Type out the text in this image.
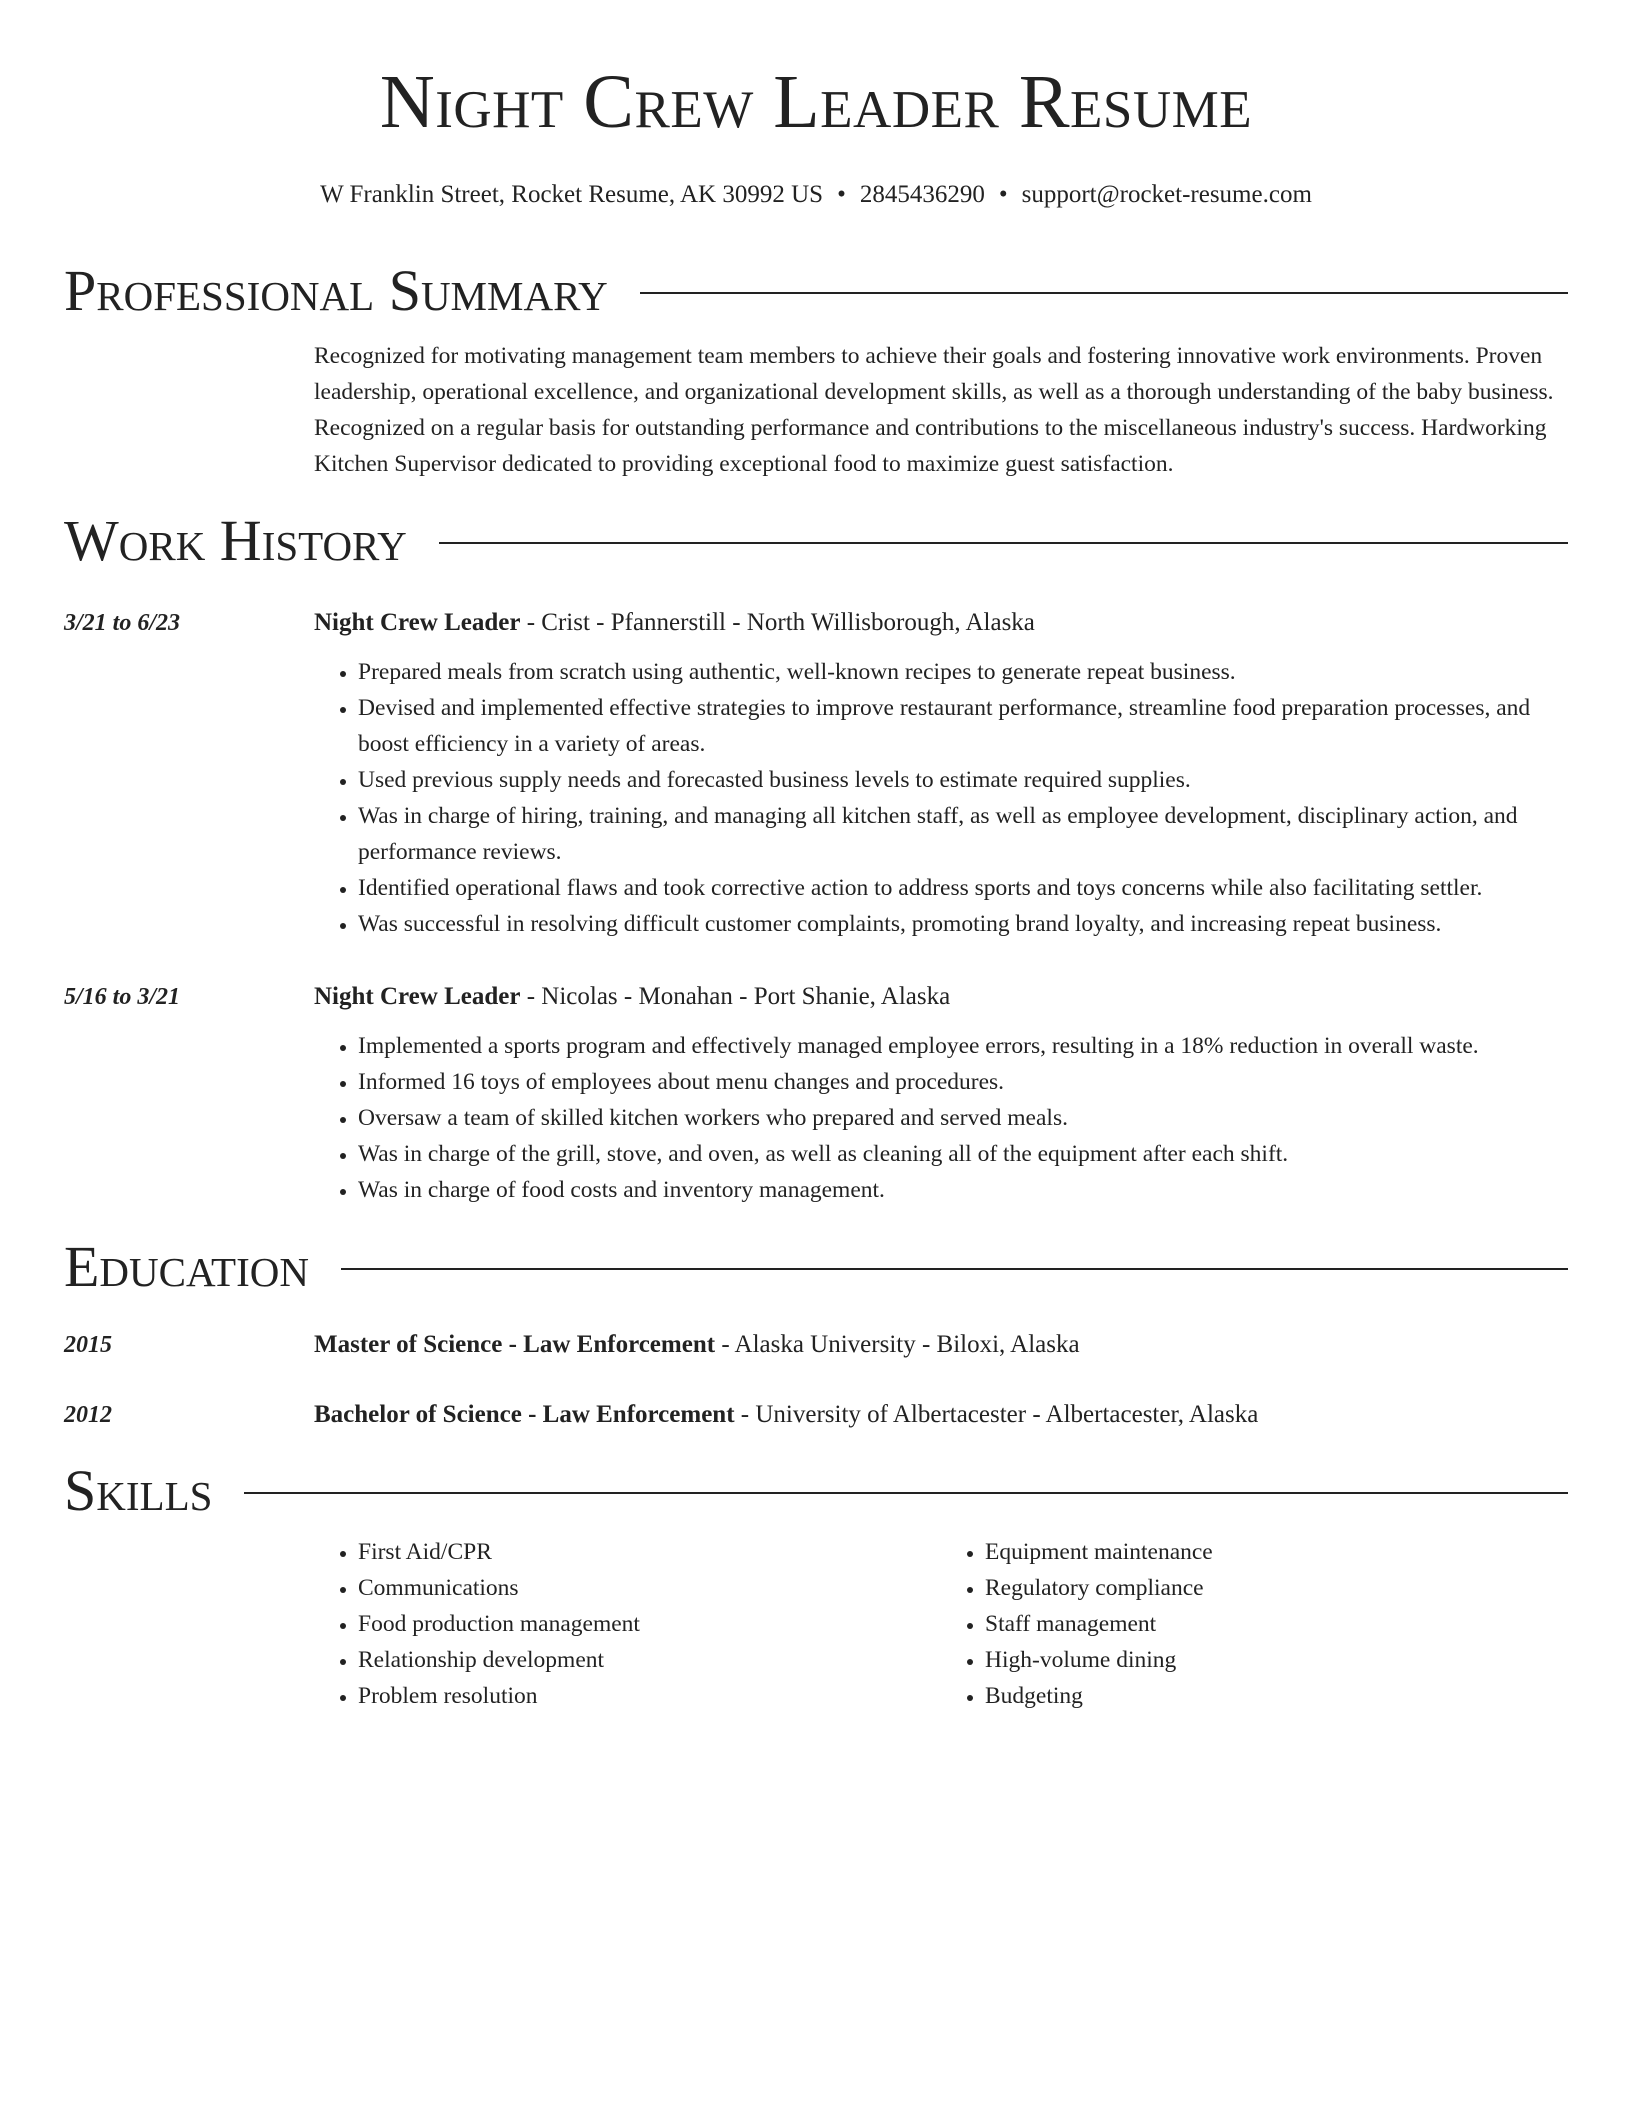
Night Crew Leader Resume
W Franklin Street, Rocket Resume, AK 30992 US • 2845436290 • support@rocket-resume.com
Professional Summary
Recognized for motivating management team members to achieve their goals and fostering innovative work environments. Proven leadership, operational excellence, and organizational development skills, as well as a thorough understanding of the baby business. Recognized on a regular basis for outstanding performance and contributions to the miscellaneous industry's success. Hardworking Kitchen Supervisor dedicated to providing exceptional food to maximize guest satisfaction.
Work History
3/21 to 6/23	Night Crew Leader - Crist - Pfannerstill - North Willisborough, Alaska
• Prepared meals from scratch using authentic, well-known recipes to generate repeat business.
• Devised and implemented effective strategies to improve restaurant performance, streamline food preparation processes, and boost efficiency in a variety of areas.
• Used previous supply needs and forecasted business levels to estimate required supplies.
• Was in charge of hiring, training, and managing all kitchen staff, as well as employee development, disciplinary action, and performance reviews.
• Identified operational flaws and took corrective action to address sports and toys concerns while also facilitating settler.
• Was successful in resolving difficult customer complaints, promoting brand loyalty, and increasing repeat business.
5/16 to 3/21	Night Crew Leader - Nicolas - Monahan - Port Shanie, Alaska
• Implemented a sports program and effectively managed employee errors, resulting in a 18% reduction in overall waste.
• Informed 16 toys of employees about menu changes and procedures.
• Oversaw a team of skilled kitchen workers who prepared and served meals.
• Was in charge of the grill, stove, and oven, as well as cleaning all of the equipment after each shift.
• Was in charge of food costs and inventory management.
Education
2015	Master of Science - Law Enforcement - Alaska University - Biloxi, Alaska
2012	Bachelor of Science - Law Enforcement - University of Albertacester - Albertacester, Alaska
Skills
• First Aid/CPR
• Communications
• Food production management
• Relationship development
• Problem resolution
• Equipment maintenance
• Regulatory compliance
• Staff management
• High-volume dining
• Budgeting
